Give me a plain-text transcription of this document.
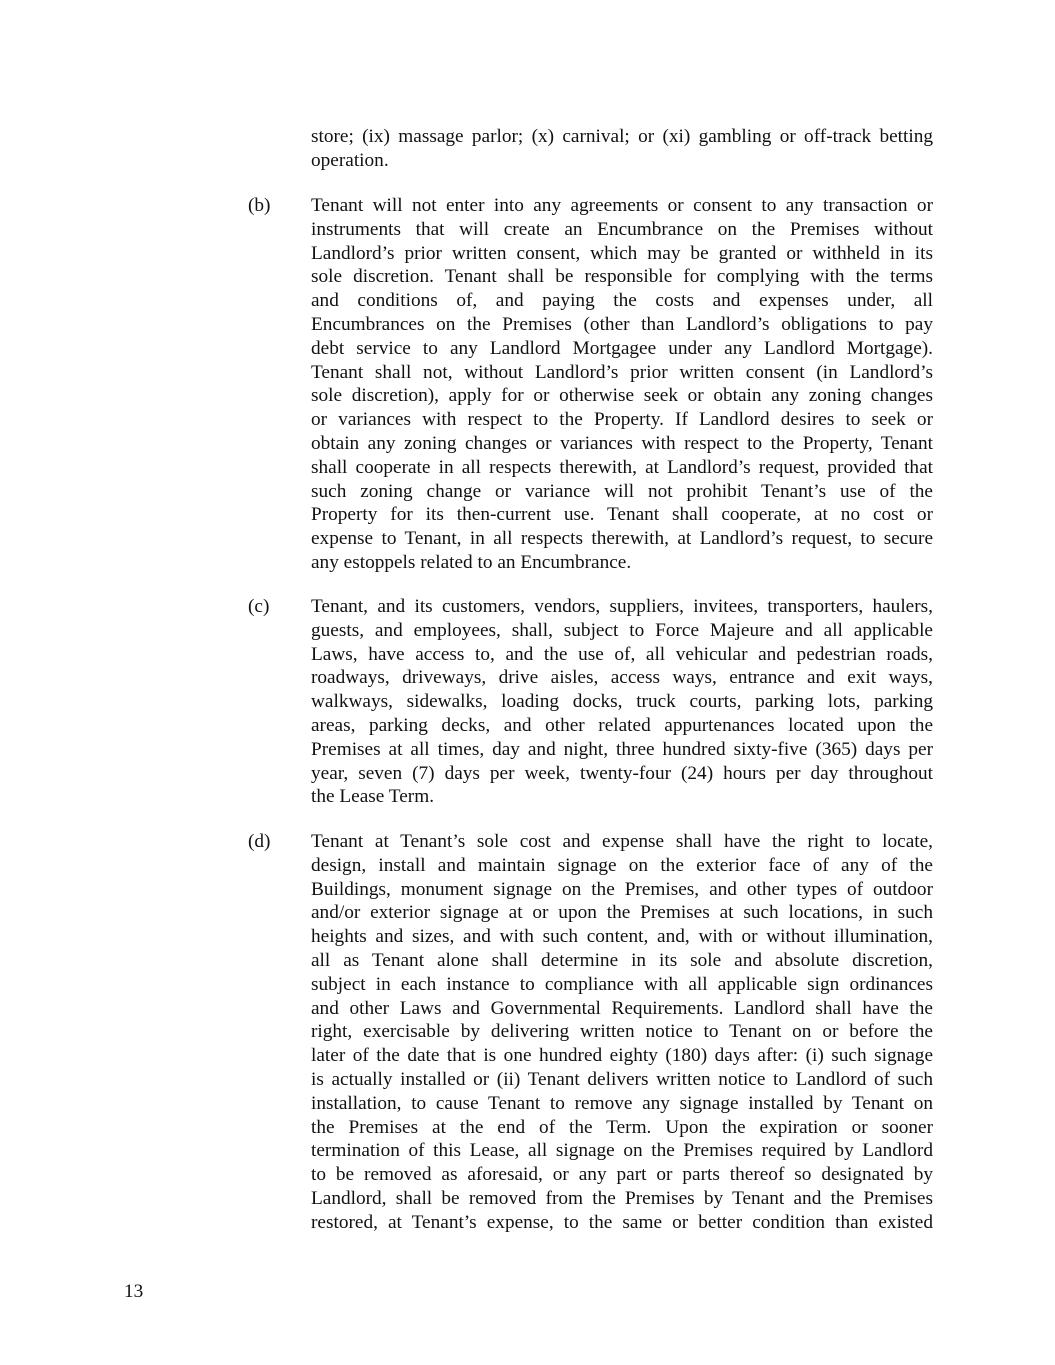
store; (ix) massage parlor; (x) carnival; or (xi) gambling or off-track betting
operation.
(b) Tenant will not enter into any agreements or consent to any transaction or
instruments that will create an Encumbrance on the Premises without
Landlord’s prior written consent, which may be granted or withheld in its
sole discretion. Tenant shall be responsible for complying with the terms
and conditions of, and paying the costs and expenses under, all
Encumbrances on the Premises (other than Landlord’s obligations to pay
debt service to any Landlord Mortgagee under any Landlord Mortgage).
Tenant shall not, without Landlord’s prior written consent (in Landlord’s
sole discretion), apply for or otherwise seek or obtain any zoning changes
or variances with respect to the Property. If Landlord desires to seek or
obtain any zoning changes or variances with respect to the Property, Tenant
shall cooperate in all respects therewith, at Landlord’s request, provided that
such zoning change or variance will not prohibit Tenant’s use of the
Property for its then-current use. Tenant shall cooperate, at no cost or
expense to Tenant, in all respects therewith, at Landlord’s request, to secure
any estoppels related to an Encumbrance.
(c) Tenant, and its customers, vendors, suppliers, invitees, transporters, haulers,
guests, and employees, shall, subject to Force Majeure and all applicable
Laws, have access to, and the use of, all vehicular and pedestrian roads,
roadways, driveways, drive aisles, access ways, entrance and exit ways,
walkways, sidewalks, loading docks, truck courts, parking lots, parking
areas, parking decks, and other related appurtenances located upon the
Premises at all times, day and night, three hundred sixty-five (365) days per
year, seven (7) days per week, twenty-four (24) hours per day throughout
the Lease Term.
(d) Tenant at Tenant’s sole cost and expense shall have the right to locate,
design, install and maintain signage on the exterior face of any of the
Buildings, monument signage on the Premises, and other types of outdoor
and/or exterior signage at or upon the Premises at such locations, in such
heights and sizes, and with such content, and, with or without illumination,
all as Tenant alone shall determine in its sole and absolute discretion,
subject in each instance to compliance with all applicable sign ordinances
and other Laws and Governmental Requirements. Landlord shall have the
right, exercisable by delivering written notice to Tenant on or before the
later of the date that is one hundred eighty (180) days after: (i) such signage
is actually installed or (ii) Tenant delivers written notice to Landlord of such
installation, to cause Tenant to remove any signage installed by Tenant on
the Premises at the end of the Term. Upon the expiration or sooner
termination of this Lease, all signage on the Premises required by Landlord
to be removed as aforesaid, or any part or parts thereof so designated by
Landlord, shall be removed from the Premises by Tenant and the Premises
restored, at Tenant’s expense, to the same or better condition than existed
13
